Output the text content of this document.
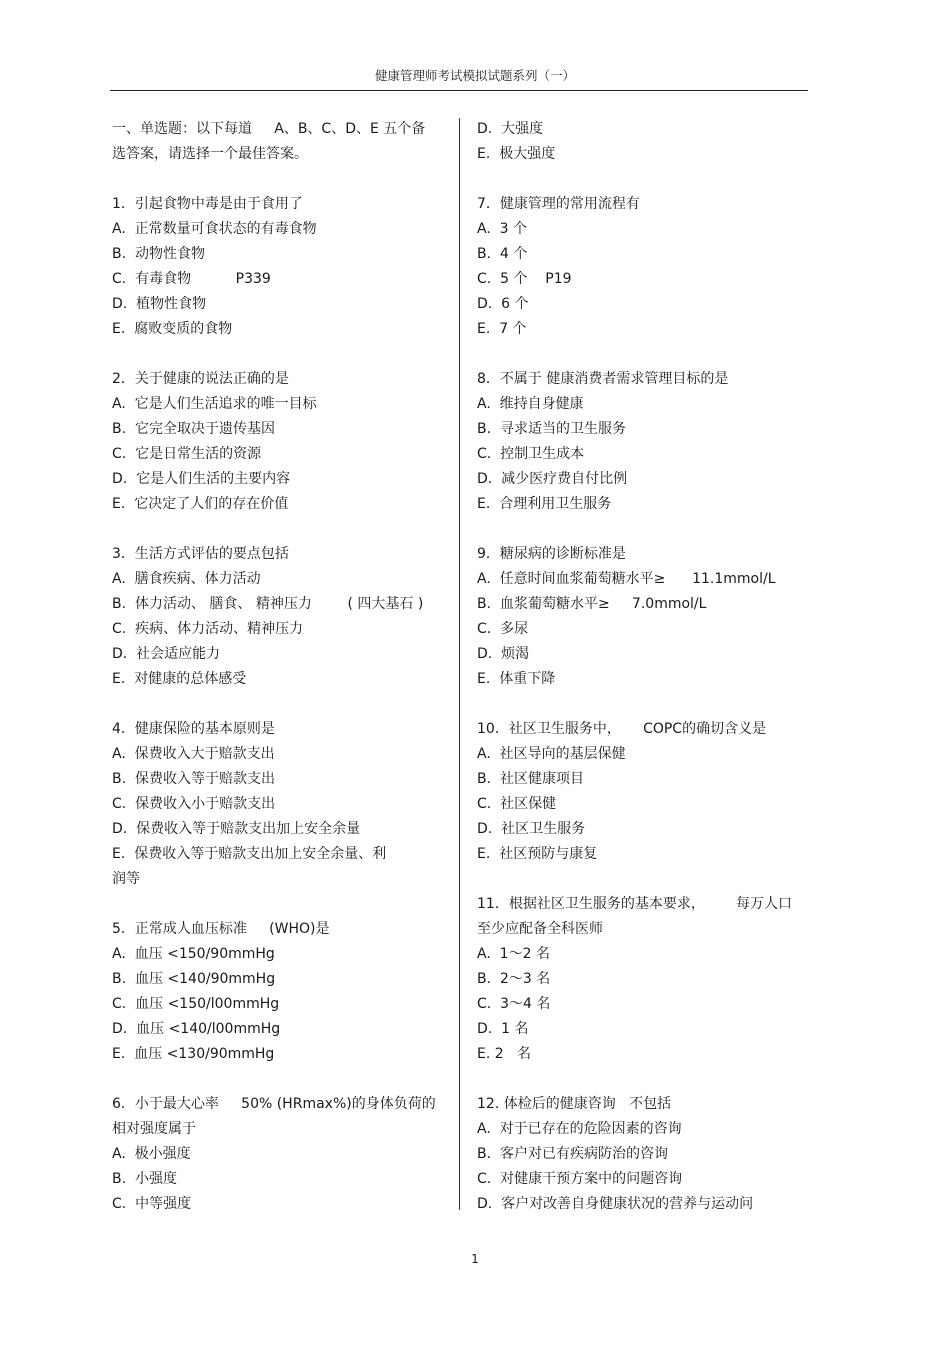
健康管理师考试模拟试题系列（一）
一、单选题：以下每道     A、B、C、D、E 五个备
选答案，请选择一个最佳答案。
1．引起食物中毒是由于食用了
A.  正常数量可食状态的有毒食物
B.  动物性食物
C.  有毒食物          P339
D.  植物性食物
E.  腐败变质的食物
2．关于健康的说法正确的是
A.  它是人们生活追求的唯一目标
B.  它完全取决于遗传基因
C.  它是日常生活的资源
D.  它是人们生活的主要内容
E.  它决定了人们的存在价值
3．生活方式评估的要点包括
A.  膳食疾病、体力活动
B.  体力活动、 膳食、 精神压力        ( 四大基石 )
C.  疾病、体力活动、精神压力
D.  社会适应能力
E.  对健康的总体感受
4．健康保险的基本原则是
A.  保费收入大于赔款支出
B.  保费收入等于赔款支出
C.  保费收入小于赔款支出
D.  保费收入等于赔款支出加上安全余量
E.  保费收入等于赔款支出加上安全余量、利
润等
5．正常成人血压标准     (WHO)是
A.  血压 <150/90mmHg
B.  血压 <140/90mmHg
C.  血压 <150/l00mmHg
D.  血压 <140/l00mmHg
E.  血压 <130/90mmHg
6．小于最大心率     50% (HRmax%)的身体负荷的
相对强度属于
A.  极小强度
B.  小强度
C.  中等强度
D.  大强度
E.  极大强度
7．健康管理的常用流程有
A.  3 个
B.  4 个
C.  5 个    P19
D.  6 个
E.  7 个
8．不属于 健康消费者需求管理目标的是
A.  维持自身健康
B.  寻求适当的卫生服务
C.  控制卫生成本
D.  减少医疗费自付比例
E.  合理利用卫生服务
9．糖尿病的诊断标准是
A.  任意时间血浆葡萄糖水平≥      11.1mmol/L
B.  血浆葡萄糖水平≥     7.0mmol/L
C.  多尿
D.  烦渴
E.  体重下降
10．社区卫生服务中，     COPC的确切含义是
A.  社区导向的基层保健
B.  社区健康项目
C.  社区保健
D.  社区卫生服务
E.  社区预防与康复
11．根据社区卫生服务的基本要求，       每万人口
至少应配备全科医师
A.  1～2 名
B.  2～3 名
C.  3～4 名
D.  1 名
E. 2   名
12. 体检后的健康咨询   不包括
A.  对于已存在的危险因素的咨询
B.  客户对已有疾病防治的咨询
C.  对健康干预方案中的问题咨询
D.  客户对改善自身健康状况的营养与运动问
1
